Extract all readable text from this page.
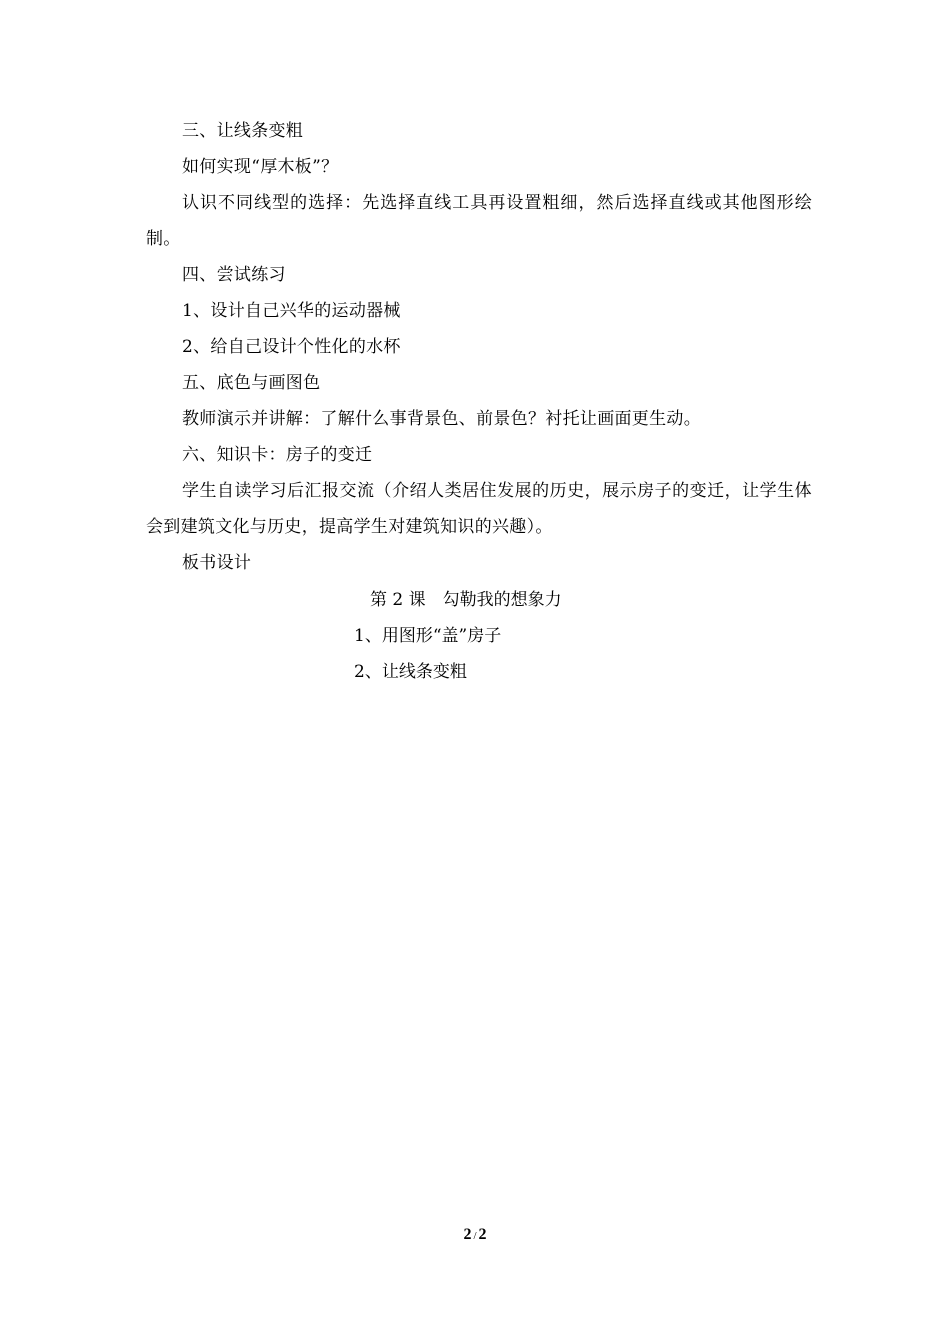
三、让线条变粗

如何实现“厚木板”？

认识不同线型的选择：先选择直线工具再设置粗细，然后选择直线或其他图形绘制。

四、尝试练习

1、设计自己兴华的运动器械

2、给自己设计个性化的水杯

五、底色与画图色

教师演示并讲解：了解什么事背景色、前景色？衬托让画面更生动。

六、知识卡：房子的变迁

学生自读学习后汇报交流（介绍人类居住发展的历史，展示房子的变迁，让学生体会到建筑文化与历史，提高学生对建筑知识的兴趣）。

板书设计

第 2 课　勾勒我的想象力
1、用图形“盖”房子
2、让线条变粗
2 / 2
